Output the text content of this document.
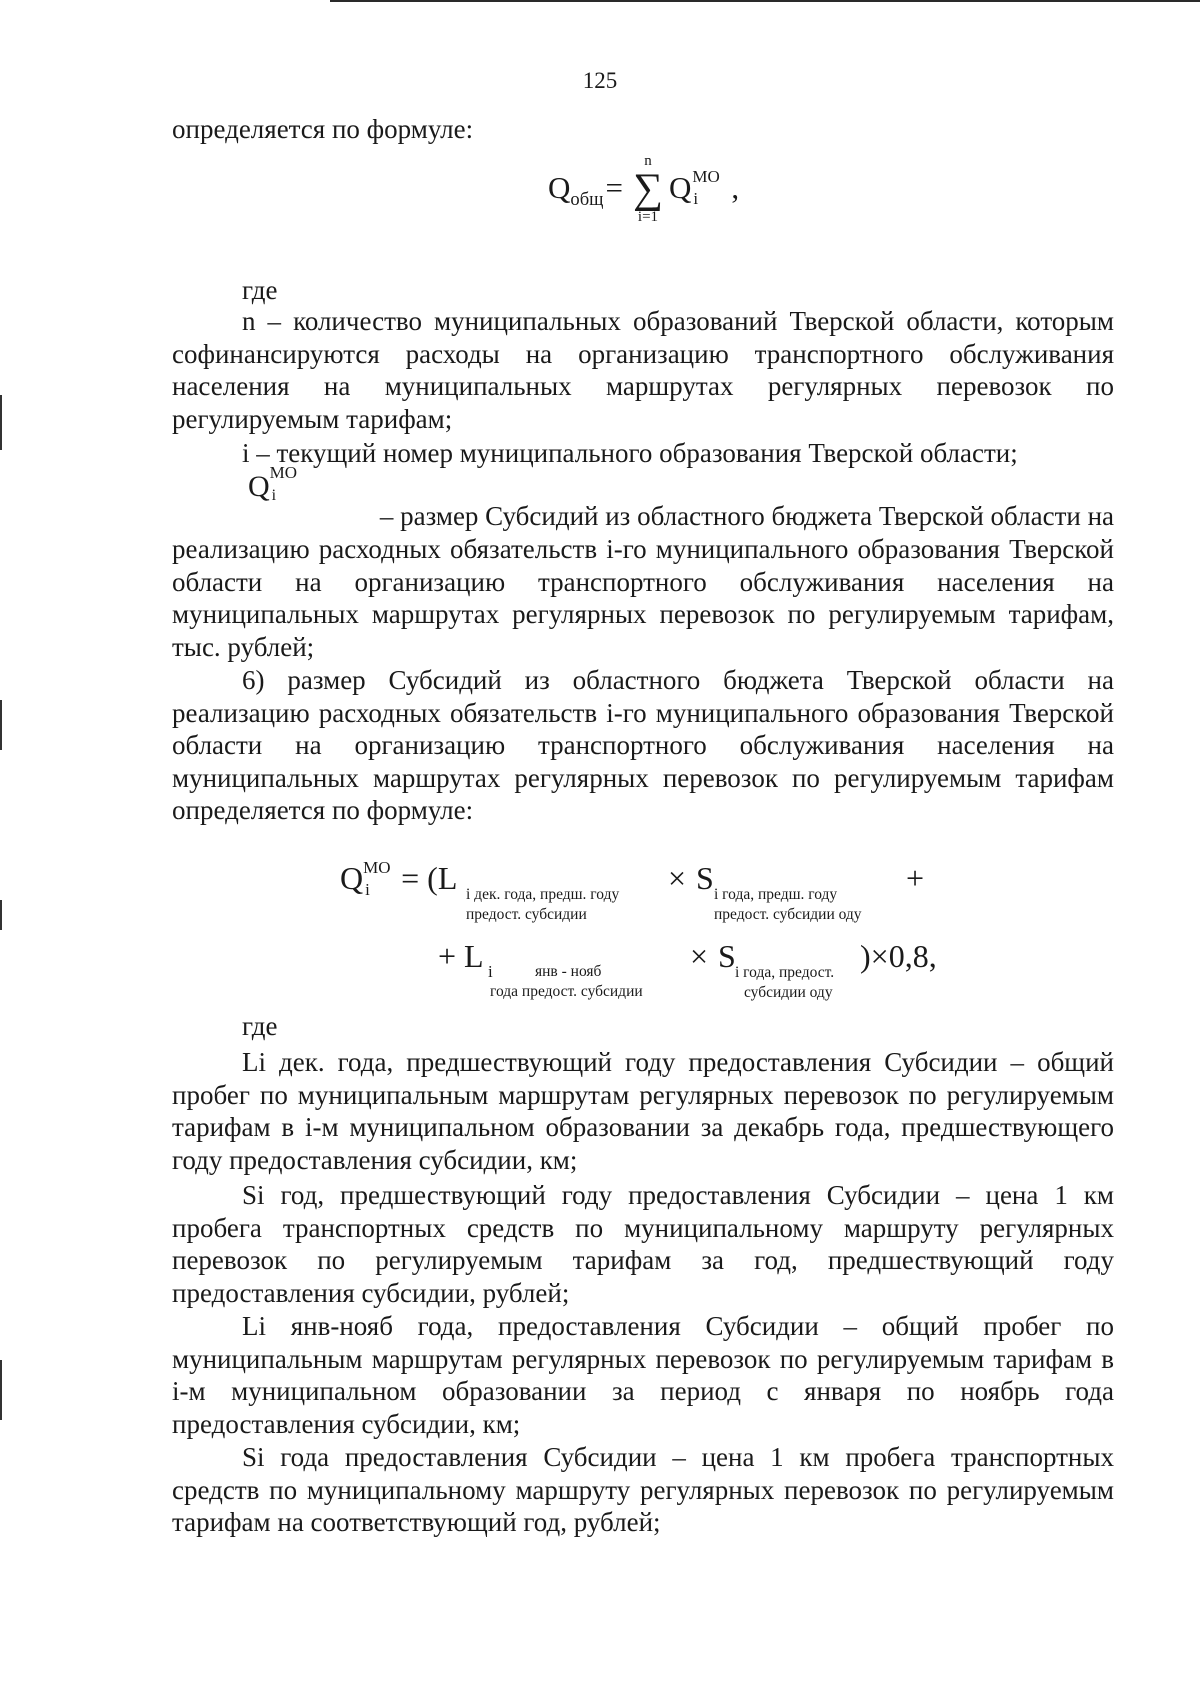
125

определяется по формуле:

$Q_{общ}= Q$ МО
i ,
n
∑
i=1

где

n – количество муниципальных образований Тверской области, которым софинансируются расходы на организацию транспортного обслуживания населения на муниципальных маршрутах регулярных перевозок по регулируемым тарифам;

i – текущий номер муниципального образования Тверской области;

Q МО
i

– размер Субсидий из областного бюджета Тверской области на

реализацию расходных обязательств i-го муниципального образования Тверской области на организацию транспортного обслуживания населения на муниципальных маршрутах регулярных перевозок по регулируемым тарифам, тыс. рублей;

6) размер Субсидий из областного бюджета Тверской области на реализацию расходных обязательств i-го муниципального образования Тверской области на организацию транспортного обслуживания населения на муниципальных маршрутах регулярных перевозок по регулируемым тарифам определяется по формуле:

Q МО
i = (L i дек. года, предш. году
предост. субсидии
× S i года, предш. году
предост. субсидии оду
+
+ L i	янв - нояб
года предост. субсидии
× S i года, предост.
субсидии оду
)×0,8,

где

Li дек. года, предшествующий году предоставления Субсидии – общий пробег по муниципальным маршрутам регулярных перевозок по регулируемым тарифам в i-м муниципальном образовании за декабрь года, предшествующего году предоставления субсидии, км;

Si год, предшествующий году предоставления Субсидии – цена 1 км пробега транспортных средств по муниципальному маршруту регулярных перевозок по регулируемым тарифам за год, предшествующий году предоставления субсидии, рублей;

Li янв-нояб года, предоставления Субсидии – общий пробег по муниципальным маршрутам регулярных перевозок по регулируемым тарифам в i-м муниципальном образовании за период с января по ноябрь года предоставления субсидии, км;

Si года предоставления Субсидии – цена 1 км пробега транспортных средств по муниципальному маршруту регулярных перевозок по регулируемым тарифам на соответствующий год, рублей;
